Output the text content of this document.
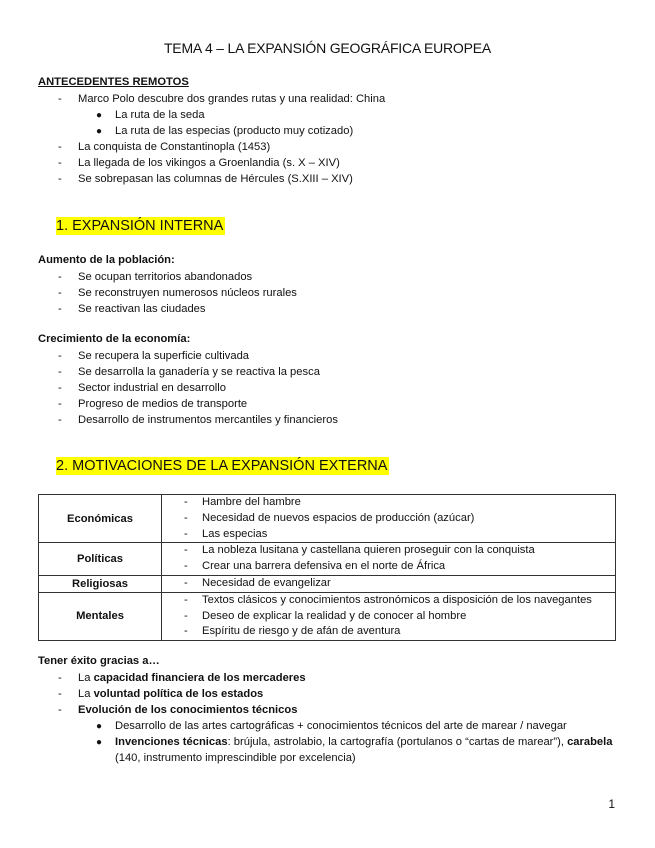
TEMA 4 – LA EXPANSIÓN GEOGRÁFICA EUROPEA
ANTECEDENTES REMOTOS
- Marco Polo descubre dos grandes rutas y una realidad: China
● La ruta de la seda
● La ruta de las especias (producto muy cotizado)
- La conquista de Constantinopla (1453)
- La llegada de los vikingos a Groenlandia (s. X – XIV)
- Se sobrepasan las columnas de Hércules (S.XIII – XIV)
1. EXPANSIÓN INTERNA
Aumento de la población:
- Se ocupan territorios abandonados
- Se reconstruyen numerosos núcleos rurales
- Se reactivan las ciudades
Crecimiento de la economía:
- Se recupera la superficie cultivada
- Se desarrolla la ganadería y se reactiva la pesca
- Sector industrial en desarrollo
- Progreso de medios de transporte
- Desarrollo de instrumentos mercantiles y financieros
2. MOTIVACIONES DE LA EXPANSIÓN EXTERNA
Económicas	- Hambre del hambre
- Necesidad de nuevos espacios de producción (azúcar)
- Las especias

Políticas	- La nobleza lusitana y castellana quieren proseguir con la conquista
- Crear una barrera defensiva en el norte de África

Religiosas	- Necesidad de evangelizar

Mentales	- Textos clásicos y conocimientos astronómicos a disposición de los navegantes
- Deseo de explicar la realidad y de conocer al hombre
- Espíritu de riesgo y de afán de aventura
Tener éxito gracias a…
- La capacidad financiera de los mercaderes
- La voluntad política de los estados
- Evolución de los conocimientos técnicos
● Desarrollo de las artes cartográficas + conocimientos técnicos del arte de marear / navegar
● Invenciones técnicas: brújula, astrolabio, la cartografía (portulanos o “cartas de marear”), carabela
(140, instrumento imprescindible por excelencia)
1
